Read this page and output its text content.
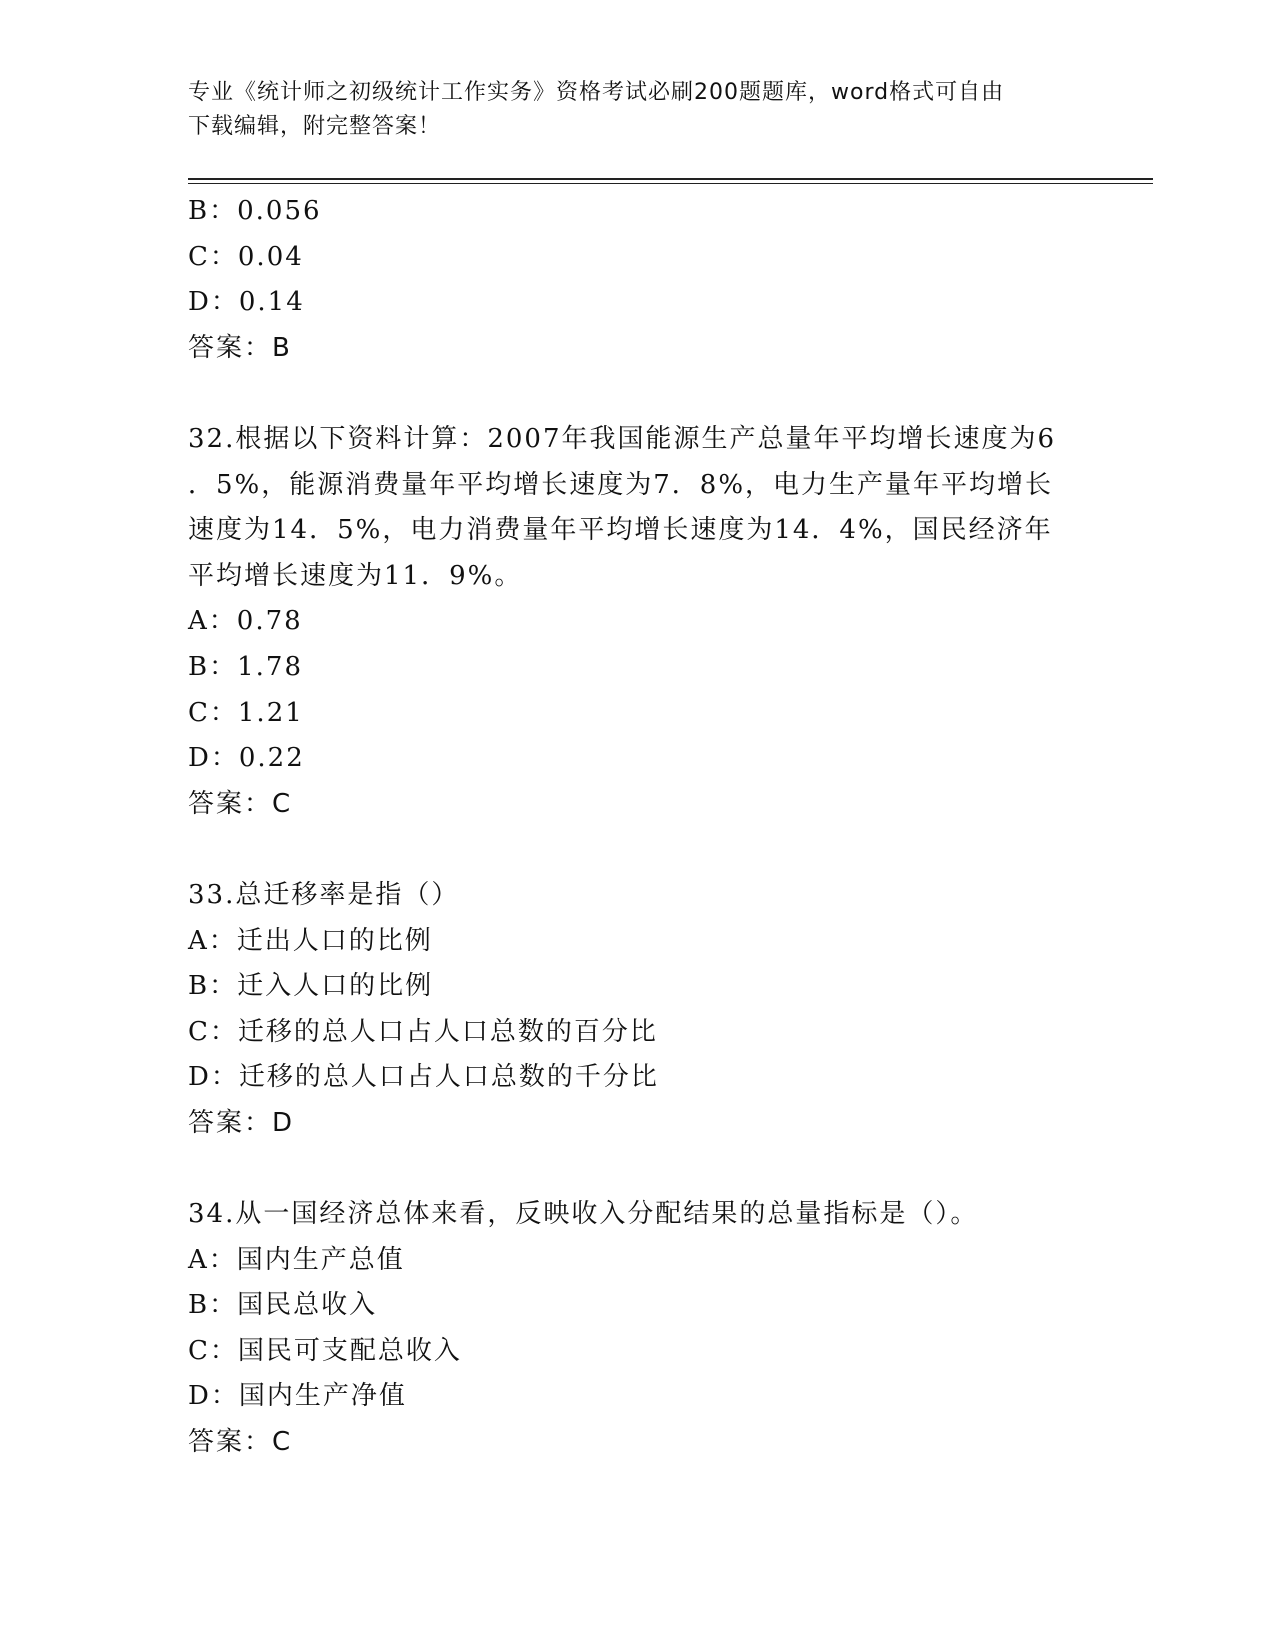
专业《统计师之初级统计工作实务》资格考试必刷200题题库，word格式可自由
下载编辑，附完整答案！
B：0.056
C：0.04
D：0.14
答案：B
32.根据以下资料计算：2007年我国能源生产总量年平均增长速度为6
．5%，能源消费量年平均增长速度为7．8%，电力生产量年平均增长
速度为14．5%，电力消费量年平均增长速度为14．4%，国民经济年
平均增长速度为11．9%。
A：0.78
B：1.78
C：1.21
D：0.22
答案：C
33.总迁移率是指（）
A：迁出人口的比例
B：迁入人口的比例
C：迁移的总人口占人口总数的百分比
D：迁移的总人口占人口总数的千分比
答案：D
34.从一国经济总体来看，反映收入分配结果的总量指标是（）。
A：国内生产总值
B：国民总收入
C：国民可支配总收入
D：国内生产净值
答案：C
